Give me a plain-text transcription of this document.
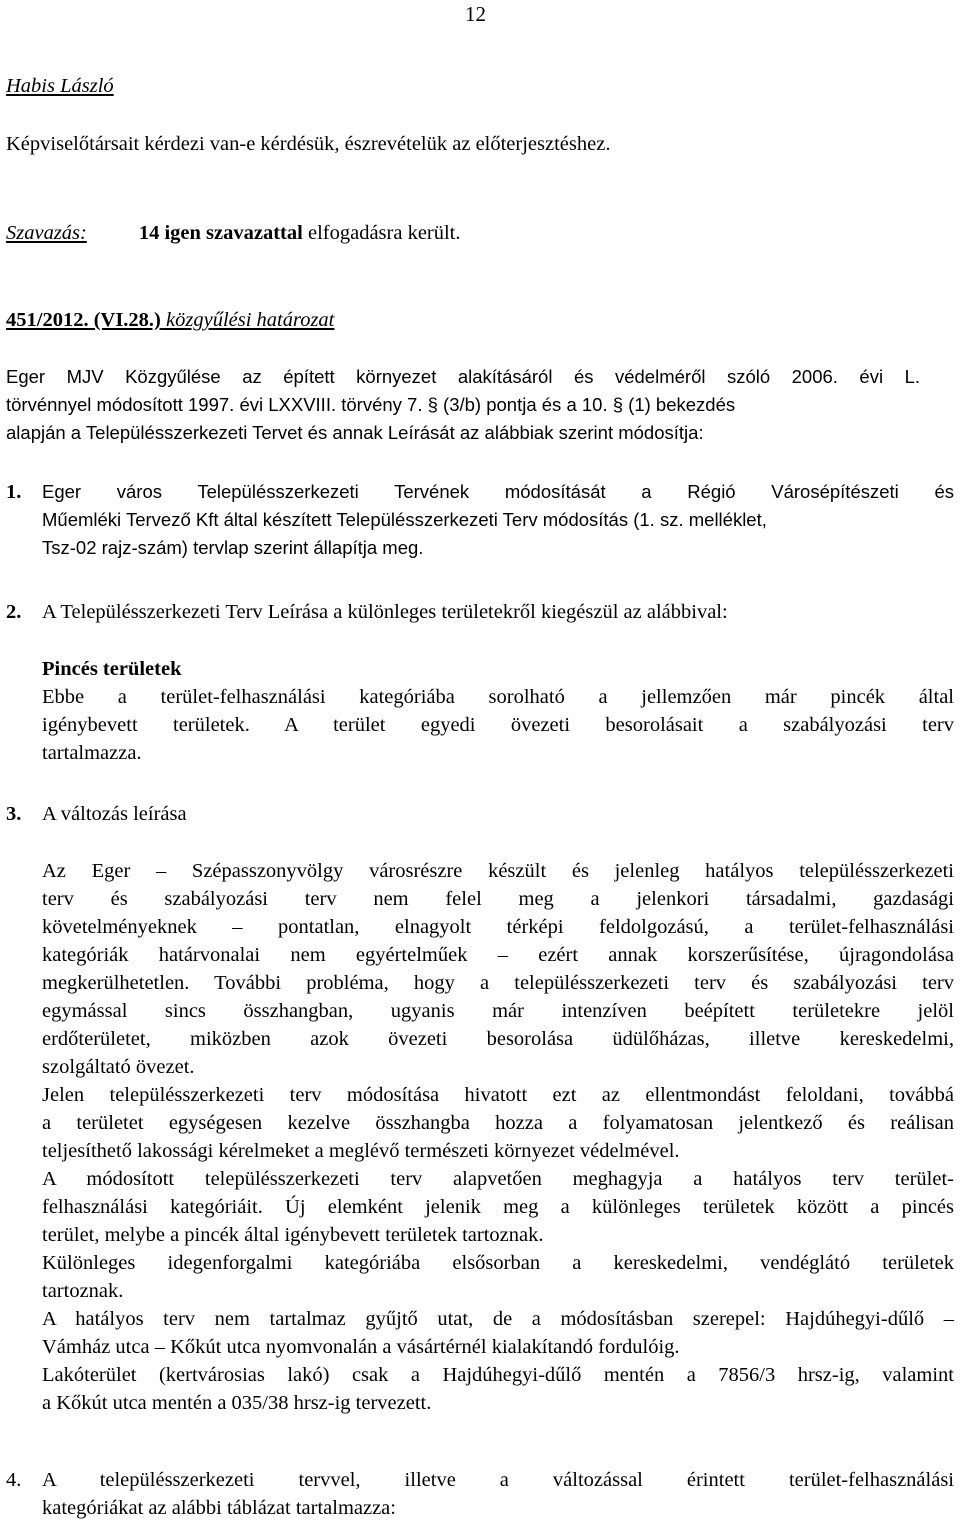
12
Habis László
Képviselőtársait kérdezi van-e kérdésük, észrevételük az előterjesztéshez.
Szavazás:	14 igen szavazattal elfogadásra került.
451/2012. (VI.28.) közgyűlési határozat
Eger MJV Közgyűlése az épített környezet alakításáról és védelméről szóló 2006. évi L.
törvénnyel módosított 1997. évi LXXVIII. törvény 7. § (3/b) pontja és a 10. § (1) bekezdés
alapján a Településszerkezeti Tervet és annak Leírását az alábbiak szerint módosítja:
1. Eger város Településszerkezeti Tervének módosítását a Régió Városépítészeti és
Műemléki Tervező Kft által készített Településszerkezeti Terv módosítás (1. sz. melléklet,
Tsz-02 rajz-szám) tervlap szerint állapítja meg.
2. A Településszerkezeti Terv Leírása a különleges területekről kiegészül az alábbival:
Pincés területek
Ebbe a terület-felhasználási kategóriába sorolható a jellemzően már pincék által
igénybevett területek. A terület egyedi övezeti besorolásait a szabályozási terv
tartalmazza.
3. A változás leírása
Az Eger – Szépasszonyvölgy városrészre készült és jelenleg hatályos településszerkezeti
terv és szabályozási terv nem felel meg a jelenkori társadalmi, gazdasági
követelményeknek – pontatlan, elnagyolt térképi feldolgozású, a terület-felhasználási
kategóriák határvonalai nem egyértelműek – ezért annak korszerűsítése, újragondolása
megkerülhetetlen. További probléma, hogy a településszerkezeti terv és szabályozási terv
egymással sincs összhangban, ugyanis már intenzíven beépített területekre jelöl
erdőterületet, miközben azok övezeti besorolása üdülőházas, illetve kereskedelmi,
szolgáltató övezet.
Jelen településszerkezeti terv módosítása hivatott ezt az ellentmondást feloldani, továbbá
a területet egységesen kezelve összhangba hozza a folyamatosan jelentkező és reálisan
teljesíthető lakossági kérelmeket a meglévő természeti környezet védelmével.
A módosított településszerkezeti terv alapvetően meghagyja a hatályos terv terület-
felhasználási kategóriáit. Új elemként jelenik meg a különleges területek között a pincés
terület, melybe a pincék által igénybevett területek tartoznak.
Különleges idegenforgalmi kategóriába elsősorban a kereskedelmi, vendéglátó területek
tartoznak.
A hatályos terv nem tartalmaz gyűjtő utat, de a módosításban szerepel: Hajdúhegyi-dűlő –
Vámház utca – Kőkút utca nyomvonalán a vásártérnél kialakítandó fordulóig.
Lakóterület (kertvárosias lakó) csak a Hajdúhegyi-dűlő mentén a 7856/3 hrsz-ig, valamint
a Kőkút utca mentén a 035/38 hrsz-ig tervezett.
4. A településszerkezeti tervvel, illetve a változással érintett terület-felhasználási
kategóriákat az alábbi táblázat tartalmazza:
